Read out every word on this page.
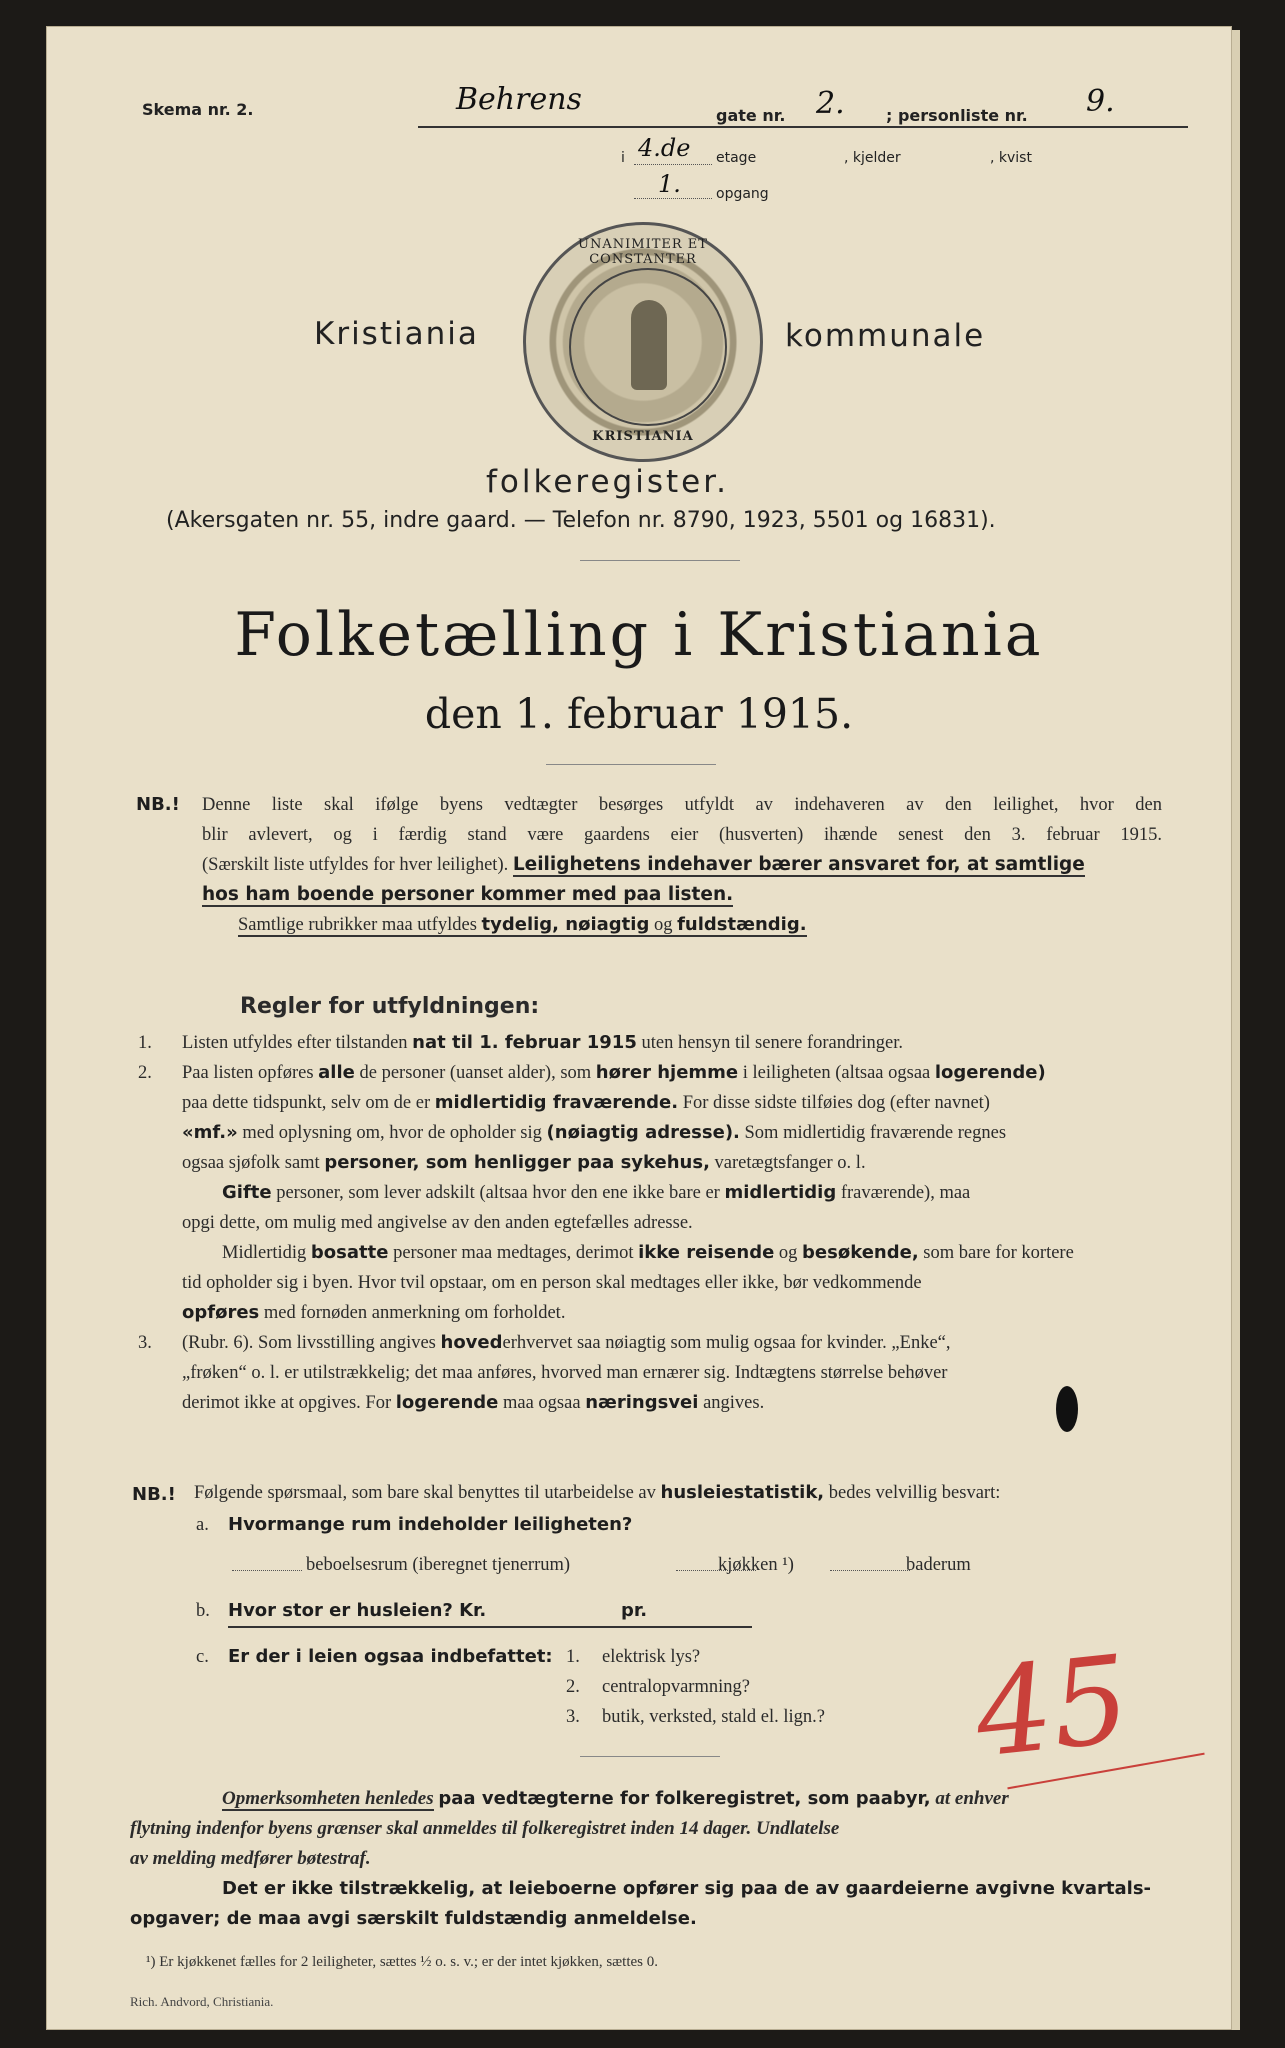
Skema nr. 2.	Behrens	gate nr. 2.	; personliste nr. 9.
i 4.de etage	, kjelder	, kvist
1.	opgang
UNANIMITER ET CONSTANTER
KRISTIANIA
Kristiania	kommunale
folkeregister.
(Akersgaten nr. 55, indre gaard. — Telefon nr. 8790, 1923, 5501 og 16831).
Folketælling i Kristiania
den 1. februar 1915.
NB.! Denne liste skal ifølge byens vedtægter besørges utfyldt av indehaveren av den leilighet, hvor den
blir avlevert, og i færdig stand være gaardens eier (husverten) ihænde senest den 3. februar 1915.
(Særskilt liste utfyldes for hver leilighet). Leilighetens indehaver bærer ansvaret for, at samtlige
hos ham boende personer kommer med paa listen.
Samtlige rubrikker maa utfyldes tydelig, nøiagtig og fuldstændig.
Regler for utfyldningen:
1. Listen utfyldes efter tilstanden nat til 1. februar 1915 uten hensyn til senere forandringer.
2. Paa listen opføres alle de personer (uanset alder), som hører hjemme i leiligheten (altsaa ogsaa logerende)
paa dette tidspunkt, selv om de er midlertidig fraværende. For disse sidste tilføies dog (efter navnet)
«mf.» med oplysning om, hvor de opholder sig (nøiagtig adresse). Som midlertidig fraværende regnes
ogsaa sjøfolk samt personer, som henligger paa sykehus, varetægtsfanger o. l.
Gifte personer, som lever adskilt (altsaa hvor den ene ikke bare er midlertidig fraværende), maa
opgi dette, om mulig med angivelse av den anden egtefælles adresse.
Midlertidig bosatte personer maa medtages, derimot ikke reisende og besøkende, som bare for kortere
tid opholder sig i byen. Hvor tvil opstaar, om en person skal medtages eller ikke, bør vedkommende
opføres med fornøden anmerkning om forholdet.
3. (Rubr. 6). Som livsstilling angives hovederhvervet saa nøiagtig som mulig ogsaa for kvinder. „Enke“,
„frøken“ o. l. er utilstrækkelig; det maa anføres, hvorved man ernærer sig. Indtægtens størrelse behøver
derimot ikke at opgives. For logerende maa ogsaa næringsvei angives.
NB.! Følgende spørsmaal, som bare skal benyttes til utarbeidelse av husleiestatistik, bedes velvillig besvart:
a. Hvormange rum indeholder leiligheten?
beboelsesrum (iberegnet tjenerrum)	kjøkken ¹)	baderum
b. Hvor stor er husleien? Kr.	pr.
c. Er der i leien ogsaa indbefattet: 1. elektrisk lys?
2. centralopvarmning?
3. butik, verksted, stald el. lign.? 45
Opmerksomheten henledes paa vedtægterne for folkeregistret, som paabyr, at enhver
flytning indenfor byens grænser skal anmeldes til folkeregistret inden 14 dager. Undlatelse
av melding medfører bøtestraf.
Det er ikke tilstrækkelig, at leieboerne opfører sig paa de av gaardeierne avgivne kvartals-
opgaver; de maa avgi særskilt fuldstændig anmeldelse.
¹) Er kjøkkenet fælles for 2 leiligheter, sættes ½ o. s. v.; er der intet kjøkken, sættes 0.
Rich. Andvord, Christiania.
